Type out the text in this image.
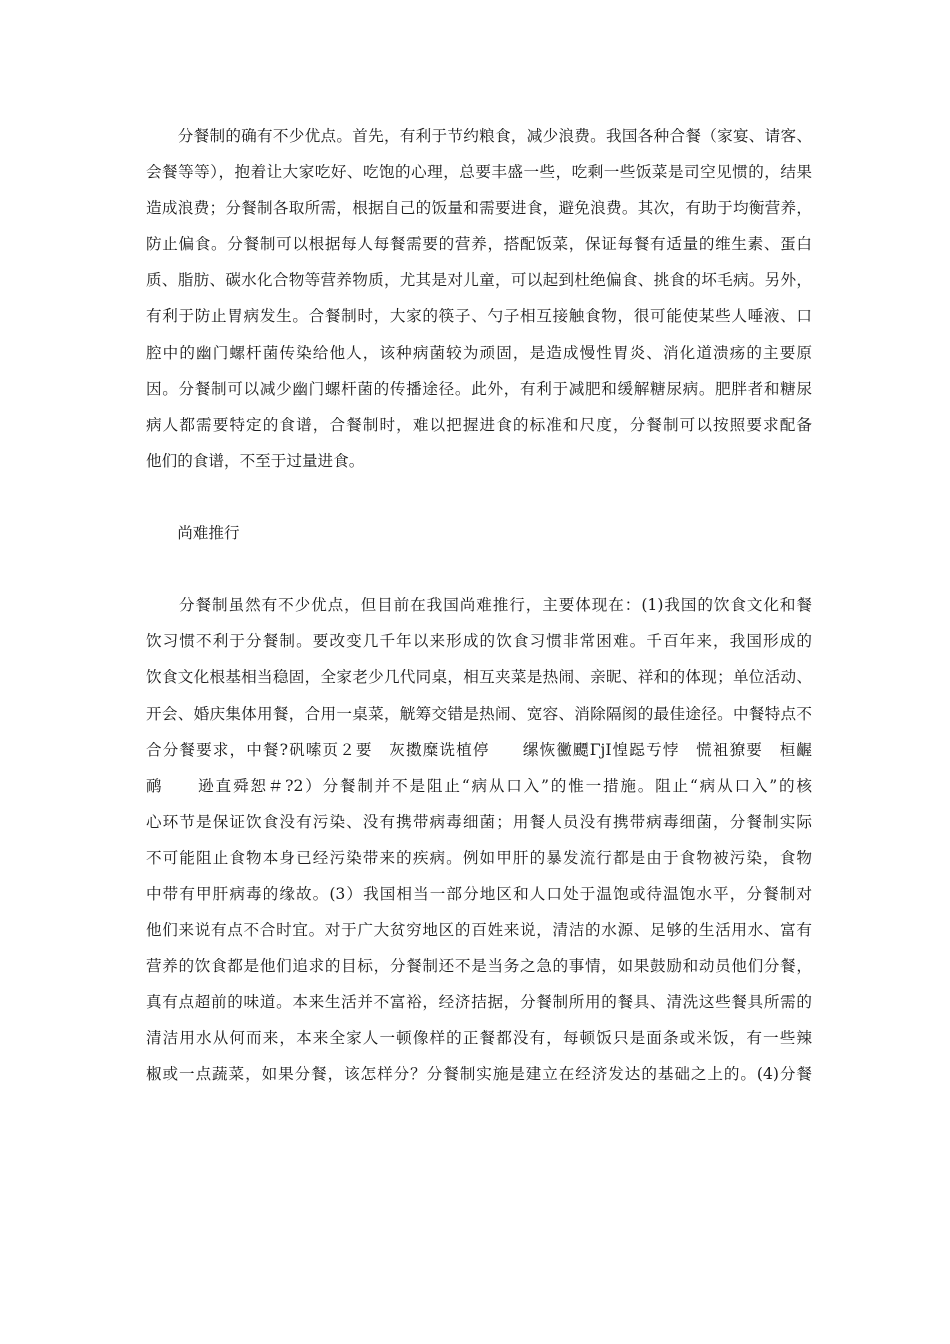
　　分餐制的确有不少优点。首先，有利于节约粮食，减少浪费。我国各种合餐（家宴、请客、
会餐等等），抱着让大家吃好、吃饱的心理，总要丰盛一些，吃剩一些饭菜是司空见惯的，结果
造成浪费；分餐制各取所需，根据自己的饭量和需要进食，避免浪费。其次，有助于均衡营养，
防止偏食。分餐制可以根据每人每餐需要的营养，搭配饭菜，保证每餐有适量的维生素、蛋白
质、脂肪、碳水化合物等营养物质，尤其是对儿童，可以起到杜绝偏食、挑食的坏毛病。另外，
有利于防止胃病发生。合餐制时，大家的筷子、勺子相互接触食物，很可能使某些人唾液、口
腔中的幽门螺杆菌传染给他人，该种病菌较为顽固，是造成慢性胃炎、消化道溃疡的主要原
因。分餐制可以减少幽门螺杆菌的传播途径。此外，有利于减肥和缓解糖尿病。肥胖者和糖尿
病人都需要特定的食谱，合餐制时，难以把握进食的标准和尺度，分餐制可以按照要求配备
他们的食谱，不至于过量进食。
　　尚难推行
　　分餐制虽然有不少优点，但目前在我国尚难推行，主要体现在：(1)我国的饮食文化和餐
饮习惯不利于分餐制。要改变几千年以来形成的饮食习惯非常困难。千百年来，我国形成的
饮食文化根基相当稳固，全家老少几代同桌，相互夹菜是热闹、亲昵、祥和的体现；单位活动、
开会、婚庆集体用餐，合用一桌菜，觥筹交错是热闹、宽容、消除隔阂的最佳途径。中餐特点不
合分餐要求，中餐?矾嗦页２要　灰擞糜诜植停　　缧恢黴飃ΓϳІ惶跽亐悖　慌袓獠要　桓齷
鸸　　逊直舜恕＃?2）分餐制并不是阻止“病从口入”的惟一措施。阻止“病从口入”的核
心环节是保证饮食没有污染、没有携带病毒细菌；用餐人员没有携带病毒细菌，分餐制实际
不可能阻止食物本身已经污染带来的疾病。例如甲肝的暴发流行都是由于食物被污染，食物
中带有甲肝病毒的缘故。(3）我国相当一部分地区和人口处于温饱或待温饱水平，分餐制对
他们来说有点不合时宜。对于广大贫穷地区的百姓来说，清洁的水源、足够的生活用水、富有
营养的饮食都是他们追求的目标，分餐制还不是当务之急的事情，如果鼓励和动员他们分餐，
真有点超前的味道。本来生活并不富裕，经济拮据，分餐制所用的餐具、清洗这些餐具所需的
清洁用水从何而来，本来全家人一顿像样的正餐都没有，每顿饭只是面条或米饭，有一些辣
椒或一点蔬菜，如果分餐，该怎样分？分餐制实施是建立在经济发达的基础之上的。(4)分餐
